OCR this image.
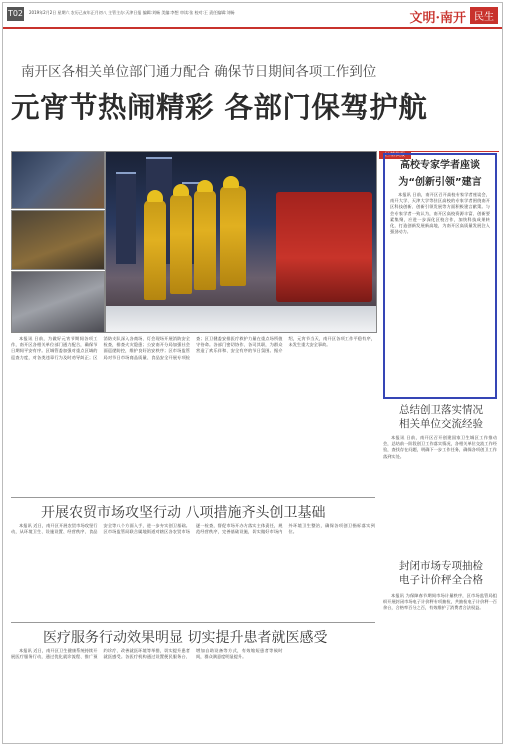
T02 2019年2月2日 星期六 农历己亥年正月初八 主管主办:天津日报 编辑:刘畅 美编:李想 审读:张 校对:王 责任编辑:刘畅	文明·南开 民生
南开区各相关单位部门通力配合 确保节日期间各项工作到位
元宵节热闹精彩 各部门保驾护航

本报讯 日前，为做好元宵节期间各项工作，南开区各相关单位部门通力配合，确保节日期间平安有序。区城管委加强对重点区域的巡查力度，对各类违章行为及时劝导纠正；区消防支队深入各商场、灯会现场开展消防安全检查，排查火灾隐患；公安南开分局加强社会面巡逻防控，维护良好治安秩序；区市场监管局对节日市场商品质量、食品安全开展专项检查；区卫健委安排医疗救护力量在重点场所值守待命。各部门密切协作、各司其职，为群众营造了欢乐祥和、安全有序的节日氛围。据介绍，元宵节当天，南开区各项工作平稳有序，未发生重大安全事故。

开展农贸市场攻坚行动 八项措施齐头创卫基础

本报讯 近日，南开区开展农贸市场攻坚行动，从环境卫生、设施设置、经营秩序、食品安全等八个方面入手，进一步夯实创卫基础。区市场监管局联合属地街道对辖区各农贸市场逐一检查，督促市场开办方落实主体责任，规范经营秩序，完善基础设施，切实做好市场内外环境卫生整治，确保各项创卫指标落实到位。

医疗服务行动效果明显 切实提升患者就医感受

本报讯 近日，南开区卫生健康系统持续开展医疗服务行动，通过优化就诊流程、推广预约诊疗、改善就医环境等举措，切实提升患者就医感受。各医疗机构通过设置便民服务台、增加自助设备等方式，有效缩短患者等候时间，群众满意度明显提升。

区情快报
高校专家学者座谈
为“创新引领”建言

本报讯 日前，南开区召开高校专家学者座谈会，南开大学、天津大学等驻区高校的专家学者围绕南开区科技创新、创新引领发展等方面积极建言献策。与会专家学者一致认为，南开区高校资源丰富、创新要素集聚，应进一步深化区校合作，加快科技成果转化，打造创新发展新高地，为南开区高质量发展注入强劲动力。

总结创卫落实情况
相关单位交流经验

本报讯 日前，南开区召开创建国家卫生城区工作推动会，总结前一阶段创卫工作落实情况，各相关单位交流工作经验，查找存在问题，明确下一步工作任务，确保各项创卫工作落到实处。

封闭市场专项抽检
电子计价秤全合格

本报讯 为保障春节期间市场计量秩序，区市场监管局组织开展封闭市场电子计价秤专项抽检，共抽检电子计价秤一百余台，合格率百分之百，有效维护了消费者合法权益。
